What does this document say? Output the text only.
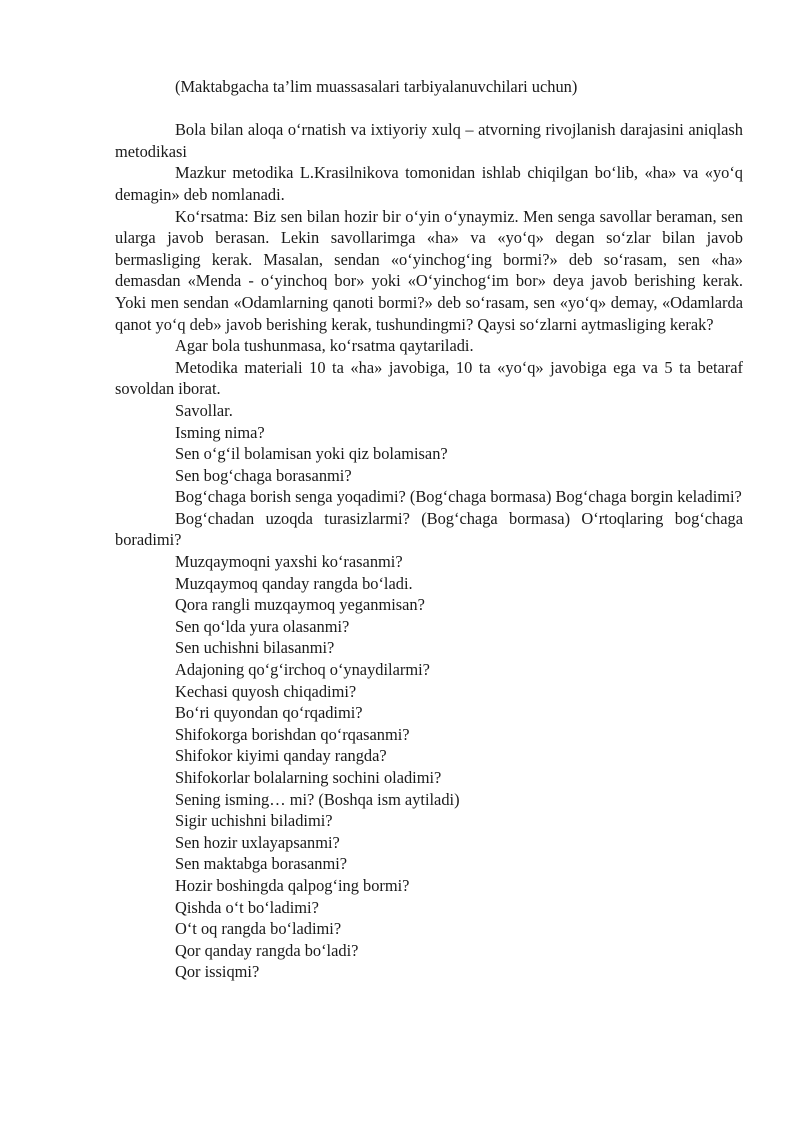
(Maktabgacha ta’lim muassasalari tarbiyalanuvchilari uchun)

Bola bilan aloqa o‘rnatish va ixtiyoriy xulq – atvorning rivojlanish darajasini aniqlash metodikasi

Mazkur metodika L.Krasilnikova tomonidan ishlab chiqilgan bo‘lib, «ha» va «yo‘q demagin» deb nomlanadi.

Ko‘rsatma: Biz sen bilan hozir bir o‘yin o‘ynaymiz. Men senga savollar beraman, sen ularga javob berasan. Lekin savollarimga «ha» va «yo‘q» degan so‘zlar bilan javob bermasliging kerak. Masalan, sendan «o‘yinchog‘ing bormi?» deb so‘rasam, sen «ha» demasdan «Menda - o‘yinchoq bor» yoki «O‘yinchog‘im bor» deya javob berishing kerak. Yoki men sendan «Odamlarning qanoti bormi?» deb so‘rasam, sen «yo‘q» demay, «Odamlarda qanot yo‘q deb» javob berishing kerak, tushundingmi? Qaysi so‘zlarni aytmasliging kerak?

Agar bola tushunmasa, ko‘rsatma qaytariladi.

Metodika materiali 10 ta «ha» javobiga, 10 ta «yo‘q» javobiga ega va 5 ta betaraf sovoldan iborat.

Savollar.

Isming nima?

Sen o‘g‘il bolamisan yoki qiz bolamisan?

Sen bog‘chaga borasanmi?

Bog‘chaga borish senga yoqadimi? (Bog‘chaga bormasa) Bog‘chaga borgin keladimi?

Bog‘chadan uzoqda turasizlarmi? (Bog‘chaga bormasa) O‘rtoqlaring bog‘chaga boradimi?

Muzqaymoqni yaxshi ko‘rasanmi?

Muzqaymoq qanday rangda bo‘ladi.

Qora rangli muzqaymoq yeganmisan?

Sen qo‘lda yura olasanmi?

Sen uchishni bilasanmi?

Adajoning qo‘g‘irchoq o‘ynaydilarmi?

Kechasi quyosh chiqadimi?

Bo‘ri quyondan qo‘rqadimi?

Shifokorga borishdan qo‘rqasanmi?

Shifokor kiyimi qanday rangda?

Shifokorlar bolalarning sochini oladimi?

Sening isming… mi? (Boshqa ism aytiladi)

Sigir uchishni biladimi?

Sen hozir uxlayapsanmi?

Sen maktabga borasanmi?

Hozir boshingda qalpog‘ing bormi?

Qishda o‘t bo‘ladimi?

O‘t oq rangda bo‘ladimi?

Qor qanday rangda bo‘ladi?

Qor issiqmi?
